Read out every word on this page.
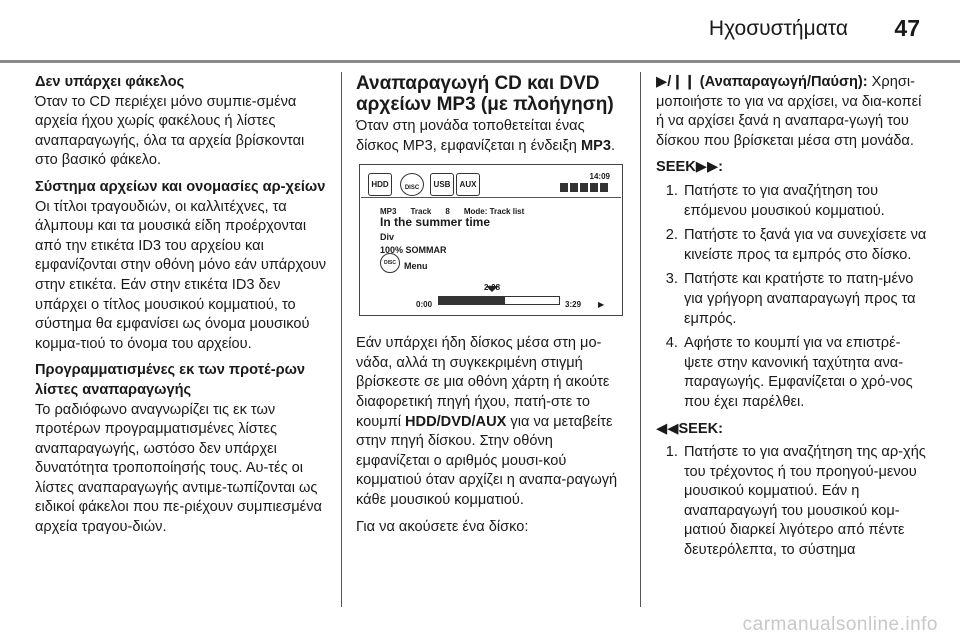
Ηχοσυστήματα 47

Δεν υπάρχει φάκελος

Όταν το CD περιέχει μόνο συμπιε-σμένα αρχεία ήχου χωρίς φακέλους ή λίστες αναπαραγωγής, όλα τα αρχεία βρίσκονται στο βασικό φάκελο.

Σύστημα αρχείων και ονομασίες αρ-χείων

Οι τίτλοι τραγουδιών, οι καλλιτέχνες, τα άλμπουμ και τα μουσικά είδη προέρχονται από την ετικέτα ID3 του αρχείου και εμφανίζονται στην οθόνη μόνο εάν υπάρχουν στην ετικέτα. Εάν στην ετικέτα ID3 δεν υπάρχει ο τίτλος μουσικού κομματιού, το σύστημα θα εμφανίσει ως όνομα μουσικού κομμα-τιού το όνομα του αρχείου.

Προγραμματισμένες εκ των προτέ-ρων λίστες αναπαραγωγής

Το ραδιόφωνο αναγνωρίζει τις εκ των προτέρων προγραμματισμένες λίστες αναπαραγωγής, ωστόσο δεν υπάρχει δυνατότητα τροποποίησής τους. Αυ-τές οι λίστες αναπαραγωγής αντιμε-τωπίζονται ως ειδικοί φάκελοι που πε-ριέχουν συμπιεσμένα αρχεία τραγου-διών.

Αναπαραγωγή CD και DVD αρχείων MP3 (με πλοήγηση)

Όταν στη μονάδα τοποθετείται ένας δίσκος MP3, εμφανίζεται η ένδειξη MP3.

HDD	DISC	USB	AUX
14:09
MP3 Track 8 Mode: Track list
In the summer time
Div
100% SOMMAR
DISC Menu
2:08
0:00	3:29 ▶

Εάν υπάρχει ήδη δίσκος μέσα στη μο-νάδα, αλλά τη συγκεκριμένη στιγμή βρίσκεστε σε μια οθόνη χάρτη ή ακούτε διαφορετική πηγή ήχου, πατή-στε το κουμπί HDD/DVD/AUX για να μεταβείτε στην πηγή δίσκου. Στην οθόνη εμφανίζεται ο αριθμός μουσι-κού κομματιού όταν αρχίζει η αναπα-ραγωγή κάθε μουσικού κομματιού.

Για να ακούσετε ένα δίσκο:

▶/❙❙ (Αναπαραγωγή/Παύση): Χρησι-μοποιήστε το για να αρχίσει, να δια-κοπεί ή να αρχίσει ξανά η αναπαρα-γωγή του δίσκου που βρίσκεται μέσα στη μονάδα.

SEEK▶▶:

1. Πατήστε το για αναζήτηση του επόμενου μουσικού κομματιού.
2. Πατήστε το ξανά για να συνεχίσετε να κινείστε προς τα εμπρός στο δίσκο.
3. Πατήστε και κρατήστε το πατη-μένο για γρήγορη αναπαραγωγή προς τα εμπρός.
4. Αφήστε το κουμπί για να επιστρέ-ψετε στην κανονική ταχύτητα ανα-παραγωγής. Εμφανίζεται ο χρό-νος που έχει παρέλθει.

◀◀SEEK:

1. Πατήστε το για αναζήτηση της αρ-χής του τρέχοντος ή του προηγού-μενου μουσικού κομματιού. Εάν η αναπαραγωγή του μουσικού κομ-ματιού διαρκεί λιγότερο από πέντε δευτερόλεπτα, το σύστημα
carmanualsonline.info
